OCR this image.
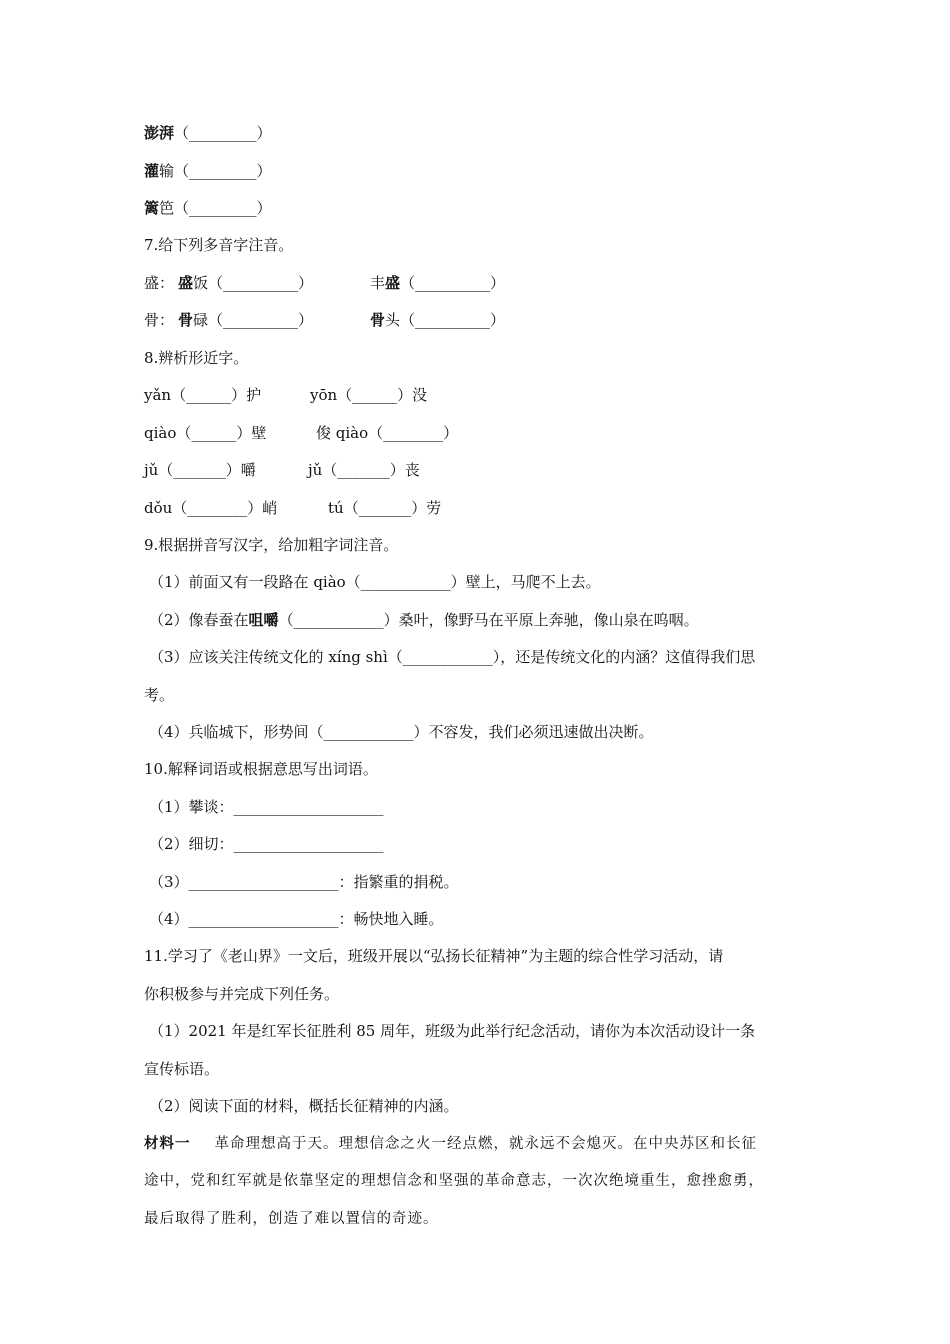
澎湃（_________）
灌输（_________）
篱笆（_________）
7.给下列多音字注音。
盛： 盛饭（__________）	丰盛（__________）
骨： 骨碌（__________）	骨头（__________）
8.辨析形近字。
yǎn（______）护	yōn（______）没
qiào（______）壁	俊 qiào（________）
jǔ（_______）嚼	jǔ（_______）丧
dǒu（________）峭	tú（_______）劳
9.根据拼音写汉字，给加粗字词注音。
（1）前面又有一段路在 qiào（____________）壁上，马爬不上去。
（2）像春蚕在咀嚼（____________）桑叶，像野马在平原上奔驰，像山泉在呜咽。
（3）应该关注传统文化的 xíng shì（____________），还是传统文化的内涵？这值得我们思
考。
（4）兵临城下，形势间（____________）不容发，我们必须迅速做出决断。
10.解释词语或根据意思写出词语。
（1）攀谈：____________________
（2）细切：____________________
（3）____________________：指繁重的捐税。
（4）____________________：畅快地入睡。
11.学习了《老山界》一文后，班级开展以“弘扬长征精神”为主题的综合性学习活动，请
你积极参与并完成下列任务。
（1）2021 年是红军长征胜利 85 周年，班级为此举行纪念活动，请你为本次活动设计一条
宣传标语。
（2）阅读下面的材料，概括长征精神的内涵。
材料一 革命理想高于天。理想信念之火一经点燃，就永远不会熄灭。在中央苏区和长征
途中，党和红军就是依靠坚定的理想信念和坚强的革命意志，一次次绝境重生，愈挫愈勇，
最后取得了胜利，创造了难以置信的奇迹。
